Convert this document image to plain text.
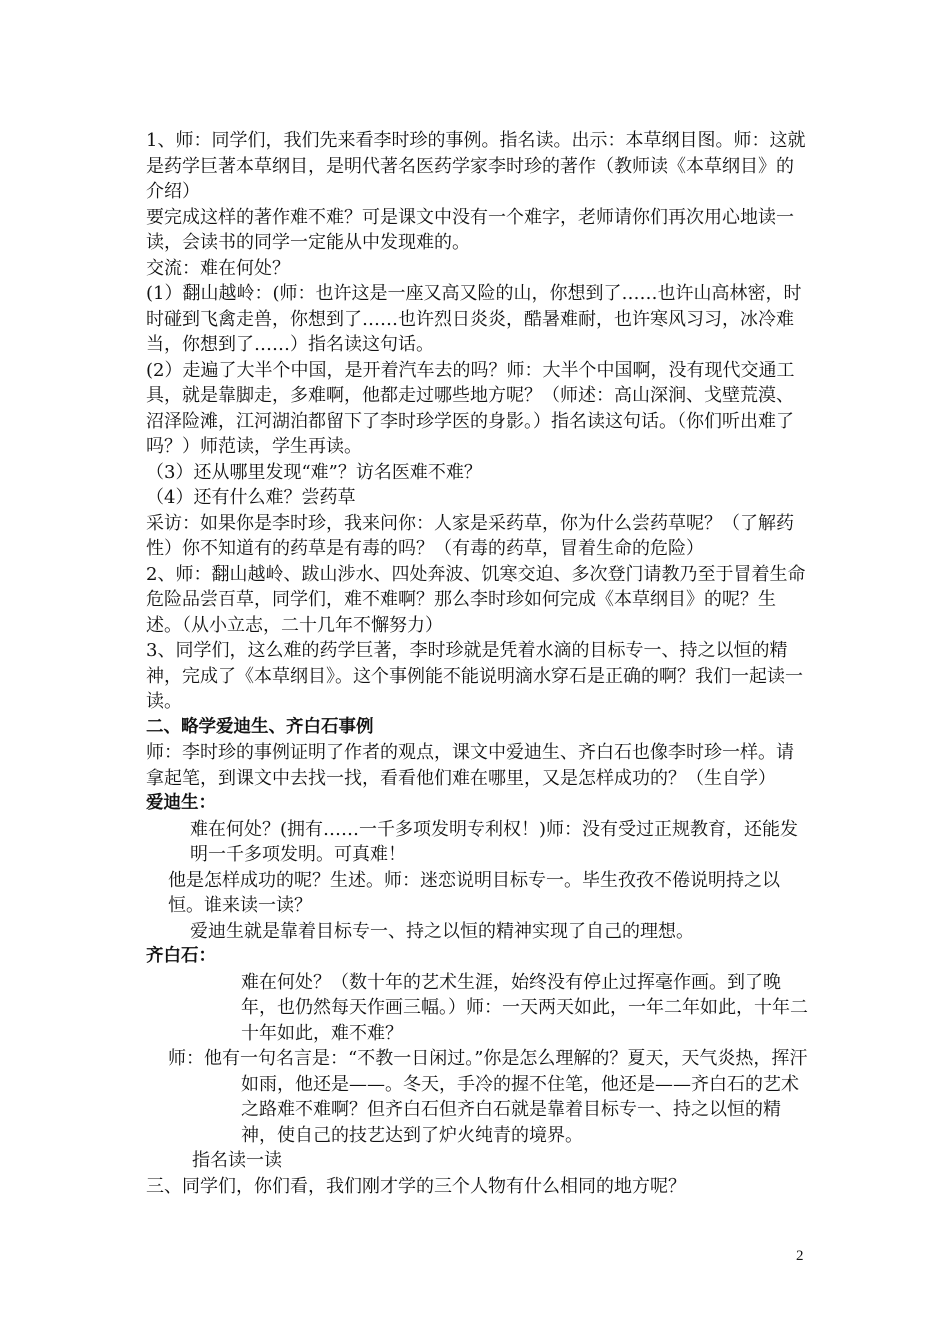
1、师：同学们，我们先来看李时珍的事例。指名读。出示：本草纲目图。师：这就是药学巨著本草纲目，是明代著名医药学家李时珍的著作（教师读《本草纲目》的介绍）

要完成这样的著作难不难？可是课文中没有一个难字，老师请你们再次用心地读一读，会读书的同学一定能从中发现难的。

交流：难在何处？

(1）翻山越岭：(师：也许这是一座又高又险的山，你想到了……也许山高林密，时时碰到飞禽走兽，你想到了……也许烈日炎炎，酷暑难耐，也许寒风习习，冰冷难当，你想到了……）指名读这句话。

(2）走遍了大半个中国，是开着汽车去的吗？师：大半个中国啊，没有现代交通工具，就是靠脚走，多难啊，他都走过哪些地方呢？（师述：高山深涧、戈壁荒漠、沼泽险滩，江河湖泊都留下了李时珍学医的身影。）指名读这句话。（你们听出难了吗？）师范读，学生再读。

（3）还从哪里发现“难”？访名医难不难？

（4）还有什么难？尝药草

采访：如果你是李时珍，我来问你：人家是采药草，你为什么尝药草呢？（了解药性）你不知道有的药草是有毒的吗？（有毒的药草，冒着生命的危险）

2、师：翻山越岭、跋山涉水、四处奔波、饥寒交迫、多次登门请教乃至于冒着生命危险品尝百草，同学们，难不难啊？那么李时珍如何完成《本草纲目》的呢？生述。（从小立志，二十几年不懈努力）

3、同学们，这么难的药学巨著，李时珍就是凭着水滴的目标专一、持之以恒的精神，完成了《本草纲目》。这个事例能不能说明滴水穿石是正确的啊？我们一起读一读。

二、略学爱迪生、齐白石事例

师：李时珍的事例证明了作者的观点，课文中爱迪生、齐白石也像李时珍一样。请拿起笔，到课文中去找一找，看看他们难在哪里，又是怎样成功的？（生自学）

爱迪生：

难在何处？(拥有……一千多项发明专利权！)师：没有受过正规教育，还能发明一千多项发明。可真难！

他是怎样成功的呢？生述。师：迷恋说明目标专一。毕生孜孜不倦说明持之以恒。谁来读一读？

爱迪生就是靠着目标专一、持之以恒的精神实现了自己的理想。

齐白石：

难在何处？（数十年的艺术生涯，始终没有停止过挥毫作画。到了晚年，也仍然每天作画三幅。）师：一天两天如此，一年二年如此，十年二十年如此，难不难？

师：他有一句名言是：“不教一日闲过。”你是怎么理解的？夏天，天气炎热，挥汗如雨，他还是——。冬天，手冷的握不住笔，他还是——齐白石的艺术之路难不难啊？但齐白石但齐白石就是靠着目标专一、持之以恒的精神，使自己的技艺达到了炉火纯青的境界。

指名读一读

三、同学们，你们看，我们刚才学的三个人物有什么相同的地方呢？

2
